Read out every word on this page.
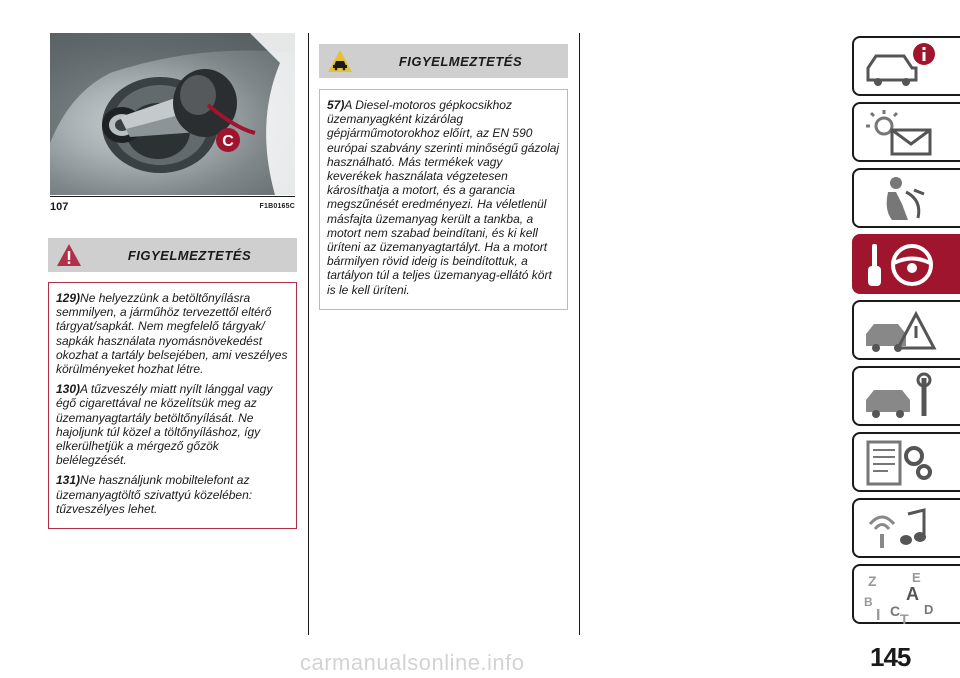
C
107	F1B0165C
FIGYELMEZTETÉS

129)Ne helyezzünk a betöltőnyílásra semmilyen, a járműhöz tervezettől eltérő tárgyat/sapkát. Nem megfelelő tárgyak/ sapkák használata nyomásnövekedést okozhat a tartály belsejében, ami veszélyes körülményeket hozhat létre.

130)A tűzveszély miatt nyílt lánggal vagy égő cigarettával ne közelítsük meg az üzemanyagtartály betöltőnyílását. Ne hajoljunk túl közel a töltőnyíláshoz, így elkerülhetjük a mérgező gőzök belélegzését.

131)Ne használjunk mobiltelefont az üzemanyagtöltő szivattyú közelében: tűzveszélyes lehet.

FIGYELMEZTETÉS

57)A Diesel-motoros gépkocsikhoz üzemanyagként kizárólag gépjárműmotorokhoz előírt, az EN 590 európai szabvány szerinti minőségű gázolaj használható. Más termékek vagy keverékek használata végzetesen károsíthatja a motort, és a garancia megszűnését eredményezi. Ha véletlenül másfajta üzemanyag került a tankba, a motort nem szabad beindítani, és ki kell üríteni az üzemanyagtartályt. Ha a motort bármilyen rövid ideig is beindítottuk, a tartályon túl a teljes üzemanyag-ellátó kört is le kell üríteni.

Z	E
B A
I C T
D
145
carmanualsonline.info
